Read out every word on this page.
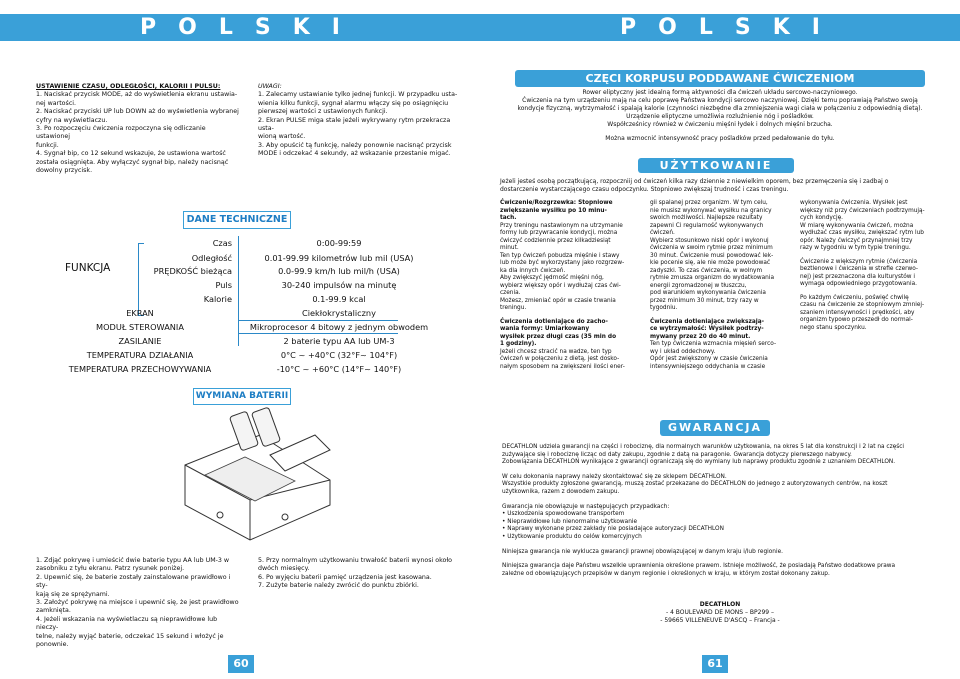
POLSKI	POLSKI
USTAWIENIE CZASU, ODLEGŁOŚCI, KALORII I PULSU:
1. Naciskać przycisk MODE, aż do wyświetlenia ekranu ustawia-
nej wartości.
2. Naciskać przyciski UP lub DOWN aż do wyświetlenia wybranej
cyfry na wyświetlaczu.
3. Po rozpoczęciu ćwiczenia rozpoczyna się odliczanie ustawionej
funkcji.
4. Sygnał bip, co 12 sekund wskazuje, że ustawiona wartość
została osiągnięta. Aby wyłączyć sygnał bip, należy nacisnąć
dowolny przycisk.
UWAGI:
1. Zalecamy ustawianie tylko jednej funkcji. W przypadku usta-
wienia kilku funkcji, sygnał alarmu włączy się po osiągnięciu
pierwszej wartości z ustawionych funkcji.
2. Ekran PULSE miga stale jeżeli wykrywany rytm przekracza usta-
wioną wartość.
3. Aby opuścić tą funkcję, należy ponownie nacisnąć przycisk
MODE i odczekać 4 sekundy, aż wskazanie przestanie migać.
DANE TECHNICZNE
FUNKCJA
Czas	0:00-99:59
Odległość	0.01-99.99 kilometrów lub mil (USA)
PRĘDKOŚĆ bieżąca	0.0-99.9 km/h lub mil/h (USA)
Puls	30-240 impulsów na minutę
Kalorie	0.1-99.9 kcal
EKRAN	Ciekłokrystaliczny
MODUŁ STEROWANIA	Mikroprocesor 4 bitowy z jednym obwodem
ZASILANIE	2 baterie typu AA lub UM-3
TEMPERATURA DZIAŁANIA	0°C ~ +40°C (32°F~ 104°F)
TEMPERATURA PRZECHOWYWANIA	-10°C ~ +60°C (14°F~ 140°F)
WYMIANA BATERII
1. Zdjąć pokrywę i umieścić dwie baterie typu AA lub UM-3 w
zasobniku z tyłu ekranu. Patrz rysunek poniżej.
2. Upewnić się, że baterie zostały zainstalowane prawidłowo i sty-
kają się ze sprężynami.
3. Założyć pokrywę na miejsce i upewnić się, że jest prawidłowo
zamknięta.
4. Jeżeli wskazania na wyświetlaczu są nieprawidłowe lub nieczy-
telne, należy wyjąć baterie, odczekać 15 sekund i włożyć je
ponownie.
5. Przy normalnym użytkowaniu trwałość baterii wynosi około
dwóch miesięcy.
6. Po wyjęciu baterii pamięć urządzenia jest kasowana.
7. Zużyte baterie należy zwrócić do punktu zbiórki.
60
CZĘCI KORPUSU PODDAWANE ĆWICZENIOM
Rower eliptyczny jest idealną formą aktywności dla ćwiczeń układu sercowo-naczyniowego.
Ćwiczenia na tym urządzeniu mają na celu poprawę Państwa kondycji sercowo naczyniowej. Dzięki temu poprawiają Państwo swoją
kondycje fizyczną, wytrzymałość i spalają kalorie (czynności niezbędne dla zmniejszenia wagi ciała w połączeniu z odpowiednią dietą).
Urządzenie eliptyczne umożliwia rozluźnienie nóg i pośladków.
Współcześnicy również w ćwiczeniu mięśni łydek i dolnych mięśni brzucha.
Można wzmocnić intensywność pracy pośladków przed pedałowanie do tyłu.
UŻYTKOWANIE
Jeżeli jesteś osobą początkującą, rozpoczniij od ćwiczeń kilka razy dziennie z niewielkim oporem, bez przemęczenia się i zadbaj o
dostarczenie wystarczającego czasu odpoczynku. Stopniowo zwiększaj trudność i czas treningu.
Ćwiczenie/Rozgrzewka: Stopniowe
zwiększanie wysiłku po 10 minu-
tach.
Przy treningu nastawionym na utrzymanie
formy lub przywracanie kondycji, można
ćwiczyć codziennie przez kilkadziesiąt
minut.
Ten typ ćwiczeń pobudza mięśnie i stawy
lub może być wykorzystany jako rozgrzew-
ka dla innych ćwiczeń.
Aby zwiększyć jędrność mięśni nóg,
wybierz większy opór i wydłużaj czas ćwi-
czenia.
Możesz, zmieniać opór w czasie trwania
treningu.
Ćwiczenia dotleniające do zacho-
wania formy: Umiarkowany
wysiłek przez długi czas (35 min do
1 godziny).
Jeżeli chcesz stracić na wadze, ten typ
ćwiczeń w połączeniu z dietą, jest dosko-
nałym sposobem na zwiększeni ilości ener-
gii spalanej przez organizm. W tym celu,
nie musisz wykonywać wysiłku na granicy
swoich możliwości. Najlepsze rezultaty
zapewni Ci regularność wykonywanych
ćwiczeń.
Wybierz stosunkowo niski opór i wykonuj
ćwiczenia w swoim rytmie przez minimum
30 minut. Ćwiczenie musi powodować lek-
kie pocenie się, ale nie może powodować
zadyszki. To czas ćwiczenia, w wolnym
rytmie zmusza organizm do wydatkowania
energii zgromadzonej w tłuszczu,
pod warunkiem wykonywania ćwiczenia
przez minimum 30 minut, trzy razy w
tygodniu.
Ćwiczenia dotleniające zwiększają-
ce wytrzymałość: Wysiłek podtrzy-
mywany przez 20 do 40 minut.
Ten typ ćwiczenia wzmacnia mięsień serco-
wy i układ oddechowy.
Opór jest zwiększony w czasie ćwiczenia
intensywniejszego oddychania w czasie
wykonywania ćwiczenia. Wysiłek jest
większy niż przy ćwiczeniach podtrzymują-
cych kondycję.
W miarę wykonywania ćwiczeń, można
wydłużać czas wysiłku, zwiększać rytm lub
opór. Należy ćwiczyć przynajmniej trzy
razy w tygodniu w tym typie treningu.
Ćwiczenie z większym rytmie (ćwiczenia
beztlenowe i ćwiczenia w strefie czerwo-
nej) jest przeznaczona dla kulturystów i
wymaga odpowiedniego przygotowania.
Po każdym ćwiczeniu, poświęć chwilę
czasu na ćwiczenie ze stopniowym zmniej-
szaniem intensywności i prędkości, aby
organizm typowo przeszedł do normal-
nego stanu spoczynku.
GWARANCJA
DECATHLON udziela gwarancji na części i robociznę, dla normalnych warunków użytkowania, na okres 5 lat dla konstrukcji i 2 lat na części
zużywające się i robociznę licząc od daty zakupu, zgodnie z datą na paragonie. Gwarancja dotyczy pierwszego nabywcy.
Zobowiązania DECATHLON wynikające z gwarancji ograniczają się do wymiany lub naprawy produktu zgodnie z uznaniem DECATHLON.
W celu dokonania naprawy należy skontaktować się ze sklepem DECATHLON.
Wszystkie produkty zgłoszone gwarancją, muszą zostać przekazane do DECATHLON do jednego z autoryzowanych centrów, na koszt
użytkownika, razem z dowodem zakupu.
Gwarancja nie obowiązuje w następujących przypadkach:
• Uszkodzenia spowodowane transportem
• Nieprawidłowe lub nienormalne użytkowanie
• Naprawy wykonane przez zakłady nie posiadające autoryzacji DECATHLON
• Użytkowanie produktu do celów komercyjnych
Niniejsza gwarancja nie wyklucza gwarancji prawnej obowiązującej w danym kraju i/lub regionie.
Niniejsza gwarancja daje Państwu wszelkie uprawnienia określone prawem. Istnieje możliwość, że posiadają Państwo dodatkowe prawa
zależne od obowiązujących przepisów w danym regionie i określonych w kraju, w którym został dokonany zakup.
DECATHLON
- 4 BOULEVARD DE MONS – BP299 –
- 59665 VILLENEUVE D'ASCQ – Francja -
61
